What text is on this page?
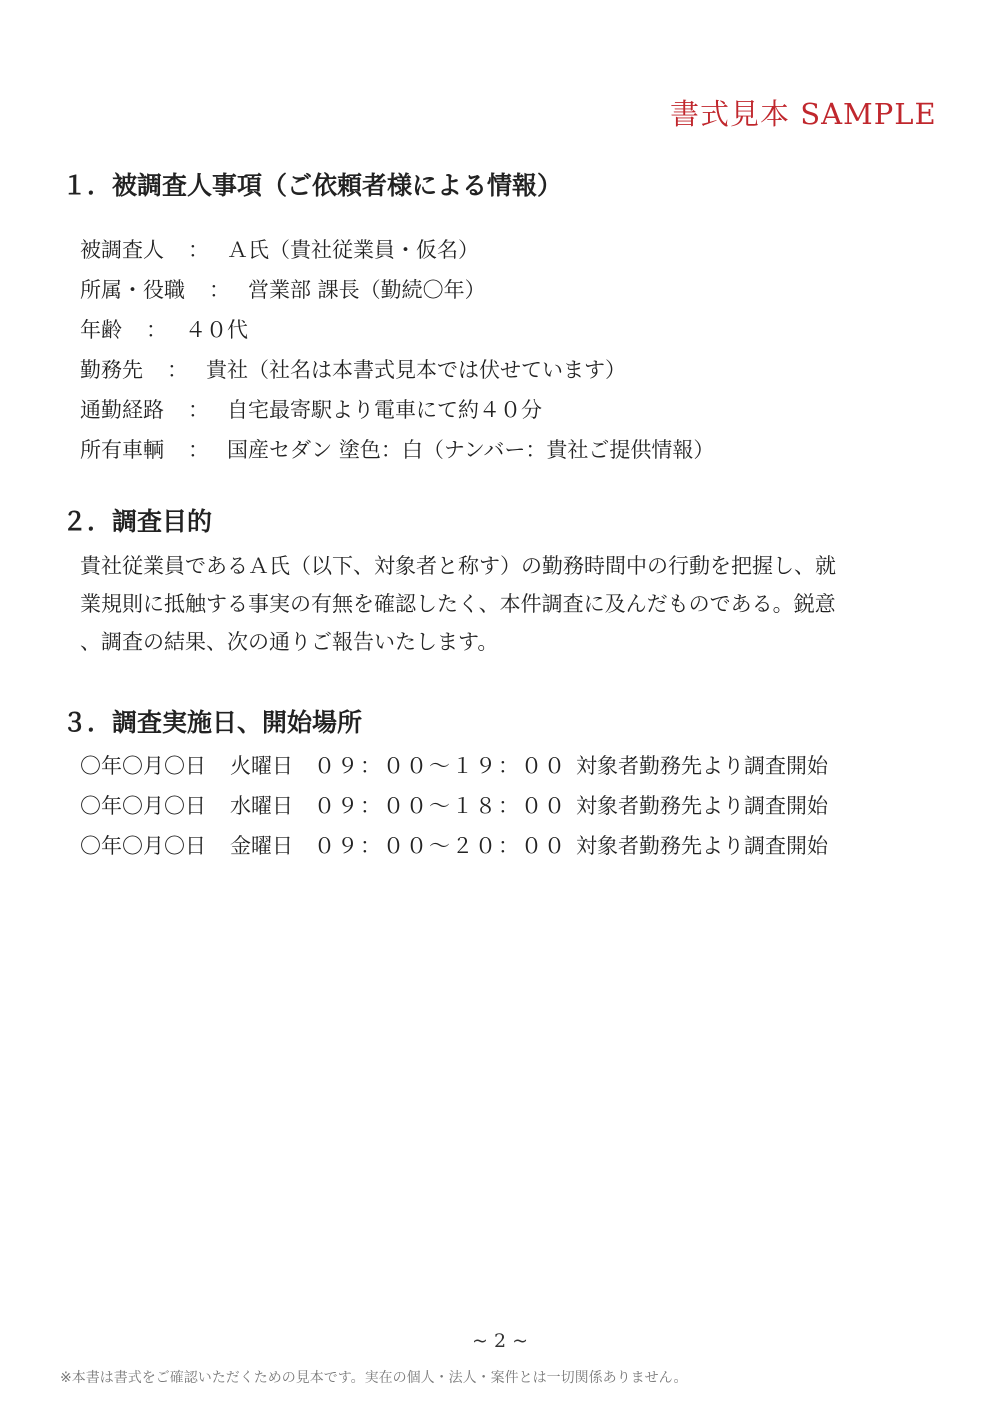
書式見本 SAMPLE
１．被調査人事項（ご依頼者様による情報）
被調査人 ： Ａ氏（貴社従業員・仮名）
所属・役職 ： 営業部 課長（勤続〇年）
年齢 ： ４０代
勤務先 ： 貴社（社名は本書式見本では伏せています）
通勤経路 ： 自宅最寄駅より電車にて約４０分
所有車輌 ： 国産セダン 塗色：白（ナンバー：貴社ご提供情報）
２．調査目的
貴社従業員であるＡ氏（以下、対象者と称す）の勤務時間中の行動を把握し、就
業規則に抵触する事実の有無を確認したく、本件調査に及んだものである。鋭意
、調査の結果、次の通りご報告いたします。
３．調査実施日、開始場所
〇年〇月〇日 火曜日 ０９：００～１９：００ 対象者勤務先より調査開始
〇年〇月〇日 水曜日 ０９：００～１８：００ 対象者勤務先より調査開始
〇年〇月〇日 金曜日 ０９：００～２０：００ 対象者勤務先より調査開始
~ 2 ~
※本書は書式をご確認いただくための見本です。実在の個人・法人・案件とは一切関係ありません。
